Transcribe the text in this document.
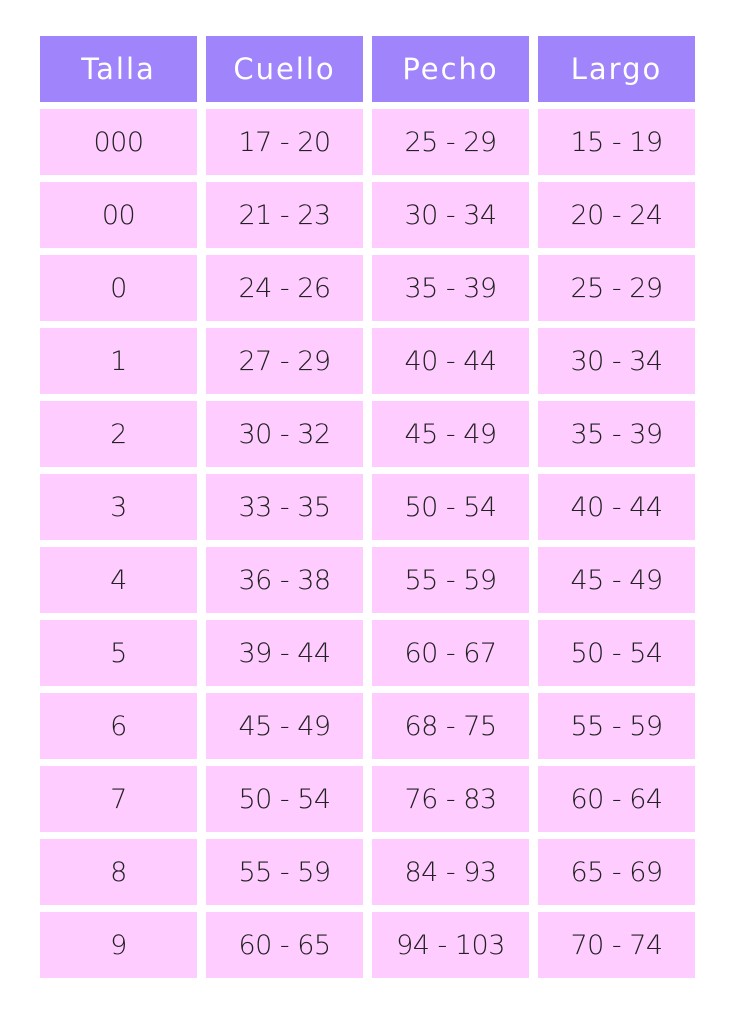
Talla	Cuello	Pecho	Largo
000	17 - 20	25 - 29	15 - 19
00	21 - 23	30 - 34	20 - 24
0	24 - 26	35 - 39	25 - 29
1	27 - 29	40 - 44	30 - 34
2	30 - 32	45 - 49	35 - 39
3	33 - 35	50 - 54	40 - 44
4	36 - 38	55 - 59	45 - 49
5	39 - 44	60 - 67	50 - 54
6	45 - 49	68 - 75	55 - 59
7	50 - 54	76 - 83	60 - 64
8	55 - 59	84 - 93	65 - 69
9	60 - 65	94 - 103	70 - 74
